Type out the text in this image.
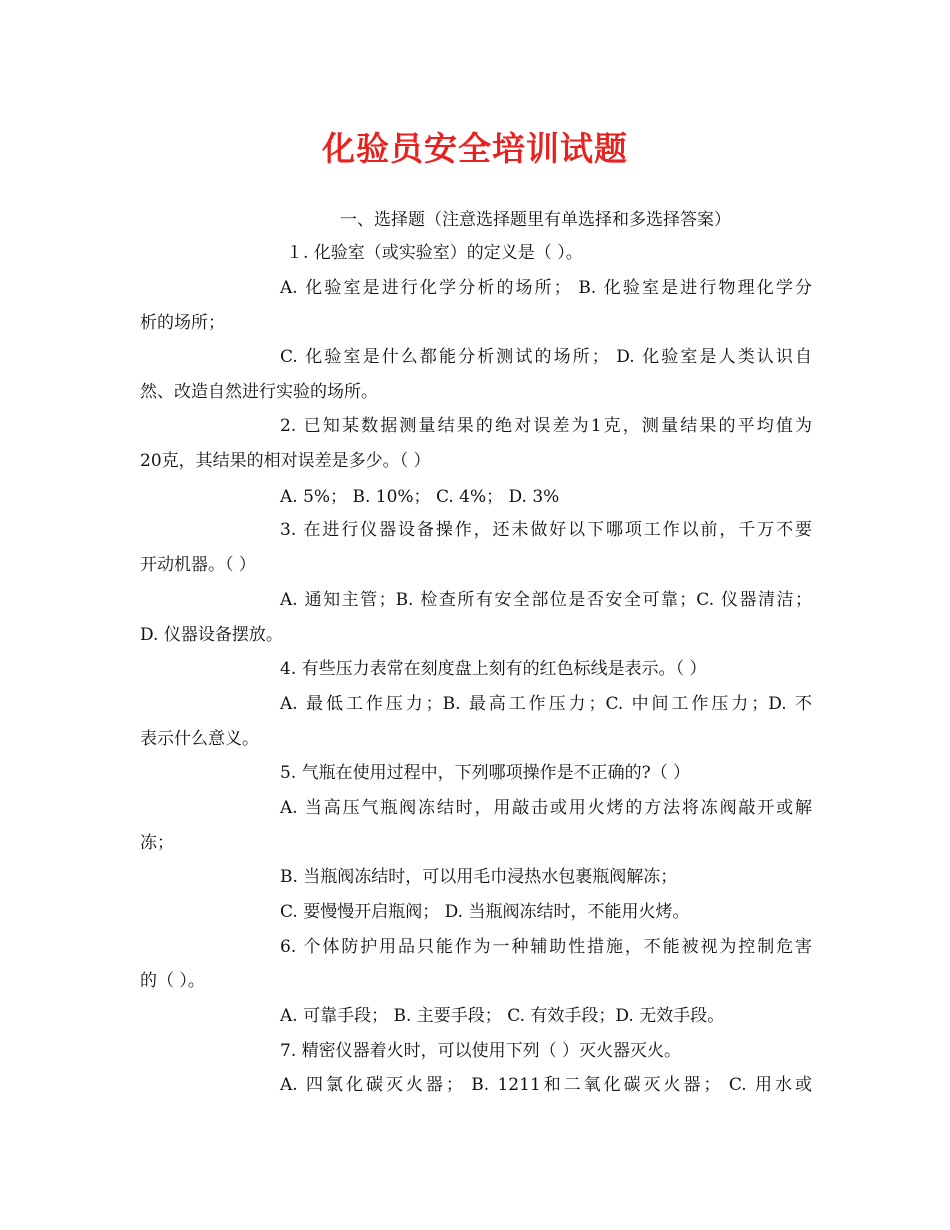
化验员安全培训试题
一、选择题（注意选择题里有单选择和多选择答案）
１. 化验室（或实验室）的定义是（ ）。
A. 化验室是进行化学分析的场所； B. 化验室是进行物理化学分
析的场所；
C. 化验室是什么都能分析测试的场所； D. 化验室是人类认识自
然、改造自然进行实验的场所。
2. 已知某数据测量结果的绝对误差为1克，测量结果的平均值为
20克，其结果的相对误差是多少。（ ）
A. 5%； B. 10%； C. 4%； D. 3%
3. 在进行仪器设备操作，还未做好以下哪项工作以前，千万不要
开动机器。（ ）
A. 通知主管；B. 检查所有安全部位是否安全可靠；C. 仪器清洁；
D. 仪器设备摆放。
4. 有些压力表常在刻度盘上刻有的红色标线是表示。（ ）
A. 最低工作压力；B. 最高工作压力；C. 中间工作压力；D. 不
表示什么意义。
5. 气瓶在使用过程中，下列哪项操作是不正确的?（ ）
A. 当高压气瓶阀冻结时，用敲击或用火烤的方法将冻阀敲开或解
冻；
B. 当瓶阀冻结时，可以用毛巾浸热水包裹瓶阀解冻；
C. 要慢慢开启瓶阀； D. 当瓶阀冻结时，不能用火烤。
6. 个体防护用品只能作为一种辅助性措施，不能被视为控制危害
的（ ）。
A. 可靠手段； B. 主要手段； C. 有效手段；D. 无效手段。
7. 精密仪器着火时，可以使用下列（ ）灭火器灭火。
A. 四氯化碳灭火器； B. 1211和二氧化碳灭火器； C. 用水或
